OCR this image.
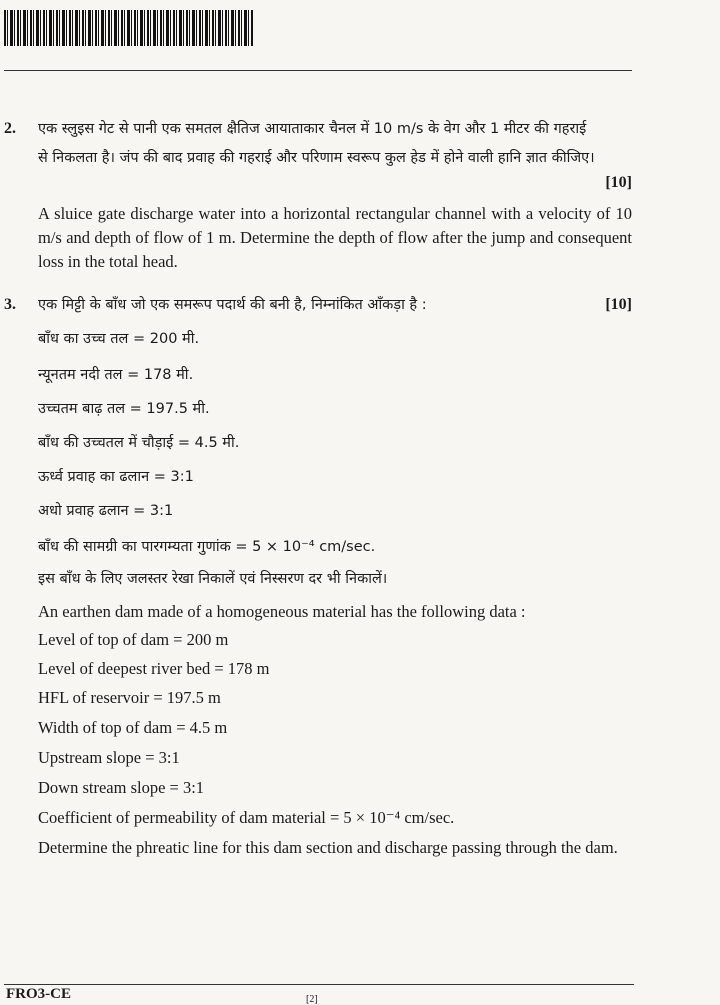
2. एक स्लुइस गेट से पानी एक समतल क्षैतिज आयाताकार चैनल में 10 m/s के वेग और 1 मीटर की गहराई
से निकलता है। जंप की बाद प्रवाह की गहराई और परिणाम स्वरूप कुल हेड में होने वाली हानि ज्ञात कीजिए।
[10]
A sluice gate discharge water into a horizontal rectangular channel with a velocity of 10 m/s and depth of flow of 1 m. Determine the depth of flow after the jump and consequent loss in the total head.
3. एक मिट्टी के बाँध जो एक समरूप पदार्थ की बनी है, निम्नांकित आँकड़ा है :	[10]
बाँध का उच्च तल = 200 मी.
न्यूनतम नदी तल = 178 मी.
उच्चतम बाढ़ तल = 197.5 मी.
बाँध की उच्चतल में चौड़ाई = 4.5 मी.
ऊर्ध्व प्रवाह का ढलान = 3:1
अधो प्रवाह ढलान = 3:1
बाँध की सामग्री का पारगम्यता गुणांक = 5 × 10⁻⁴ cm/sec.
इस बाँध के लिए जलस्तर रेखा निकालें एवं निस्सरण दर भी निकालें।
An earthen dam made of a homogeneous material has the following data :
Level of top of dam = 200 m
Level of deepest river bed = 178 m
HFL of reservoir = 197.5 m
Width of top of dam = 4.5 m
Upstream slope = 3:1
Down stream slope = 3:1
Coefficient of permeability of dam material = 5 × 10⁻⁴ cm/sec.
Determine the phreatic line for this dam section and discharge passing through the dam.
FRO3-CE	[2]
